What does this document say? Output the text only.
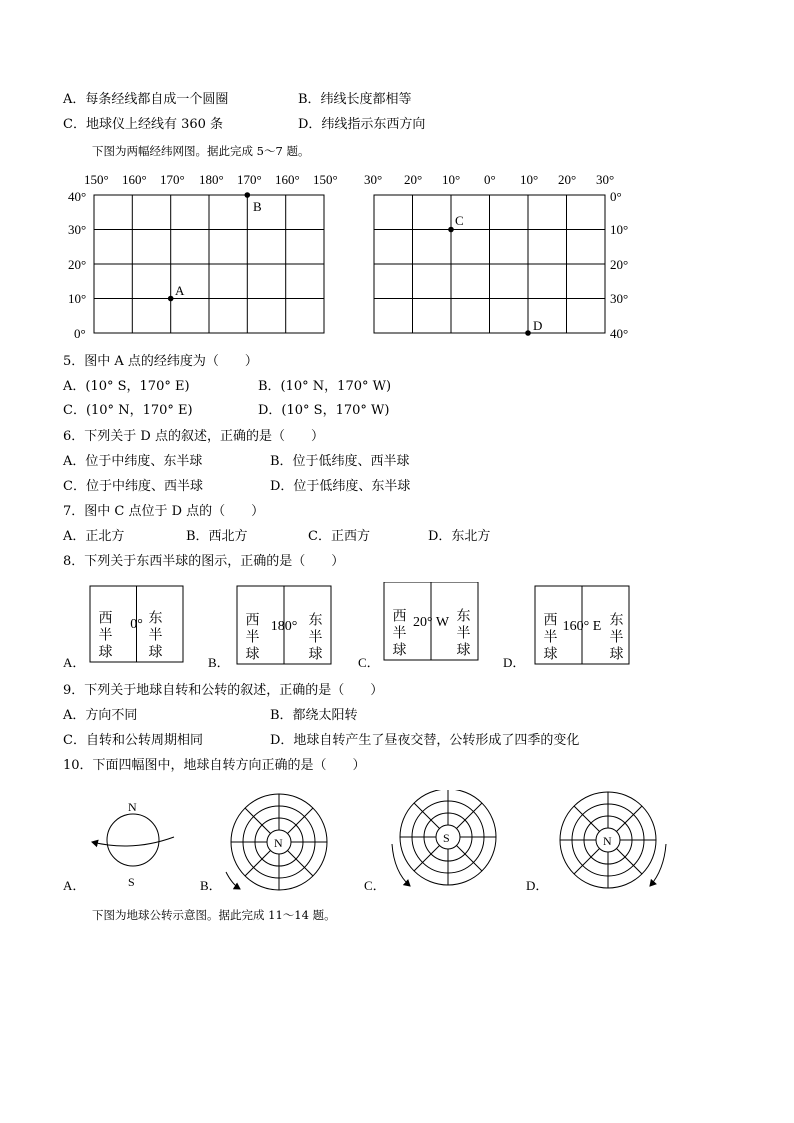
A．每条经线都自成一个圆圈	B．纬线长度都相等
C．地球仪上经线有 360 条	D．纬线指示东西方向
下图为两幅经纬网图。据此完成 5～7 题。
150° 160° 170° 180° 170° 160° 150°
40°
30°
20°
10°
0°
A
B
30° 20° 10° 0° 10° 20° 30°
0°
10°
20°
30°
40°
C
D
5．图中 A 点的经纬度为（　　）
A．(10° S，170° E)	B．(10° N，170° W)
C．(10° N，170° E)	D．(10° S，170° W)
6．下列关于 D 点的叙述，正确的是（　　）
A．位于中纬度、东半球	B．位于低纬度、西半球
C．位于中纬度、西半球	D．位于低纬度、东半球
7．图中 C 点位于 D 点的（　　）
A．正北方	B．西北方	C．正西方	D．东北方
8．下列关于东西半球的图示，正确的是（　　）
A．	B．	C．	D．
西半球	东半球
0°	西半球	东半球
180°	西半球	东半球
20° W	西半球	东半球
160° E
9．下列关于地球自转和公转的叙述，正确的是（　　）
A．方向不同	B．都绕太阳转
C．自转和公转周期相同	D．地球自转产生了昼夜交替，公转形成了四季的变化
10．下面四幅图中，地球自转方向正确的是（　　）
A．	B．	C．	D．
N
S
N	S	N
下图为地球公转示意图。据此完成 11～14 题。
